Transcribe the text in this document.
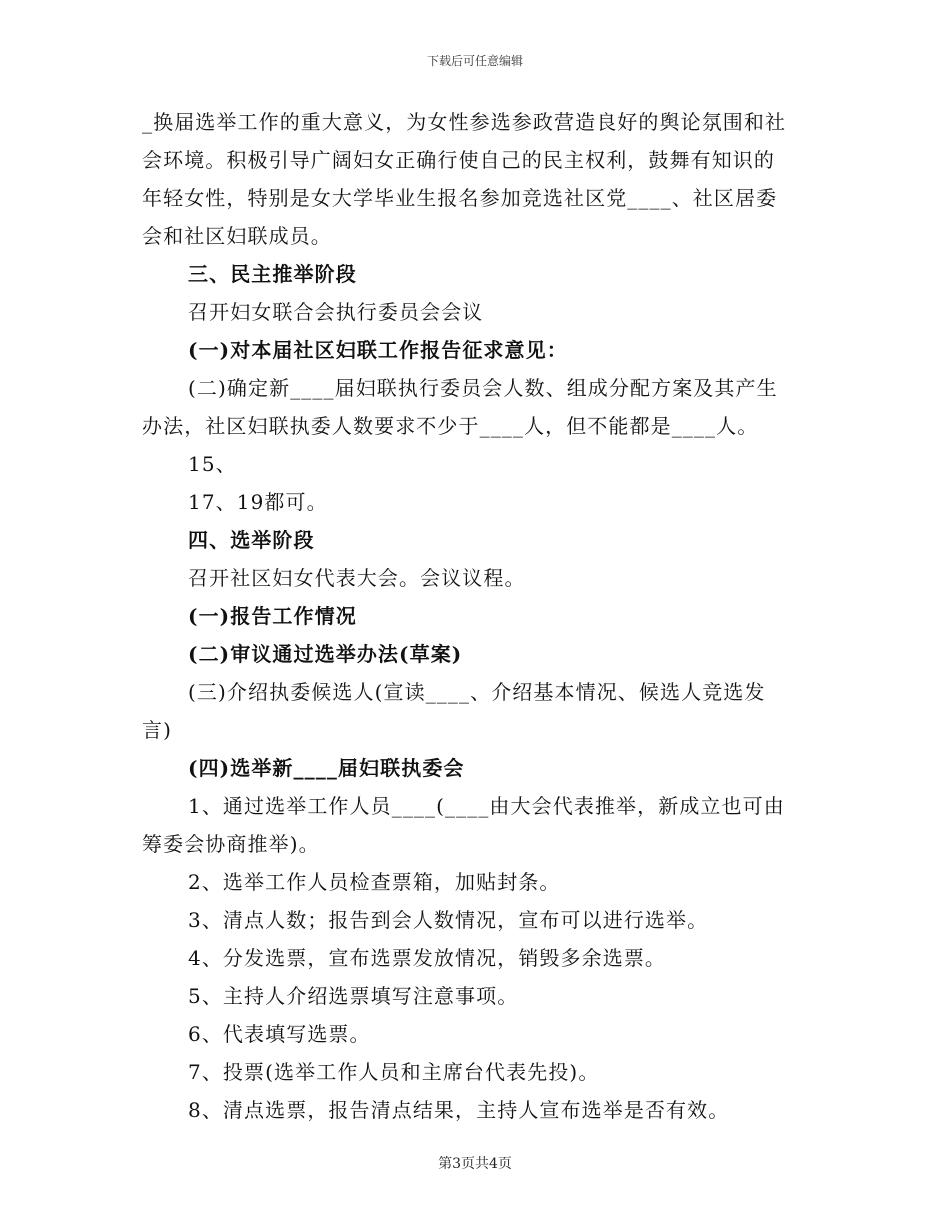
下载后可任意编辑
_换届选举工作的重大意义，为女性参选参政营造良好的舆论氛围和社
会环境。积极引导广阔妇女正确行使自己的民主权利，鼓舞有知识的
年轻女性，特别是女大学毕业生报名参加竞选社区党____、社区居委
会和社区妇联成员。
三、民主推举阶段
召开妇女联合会执行委员会会议
(一)对本届社区妇联工作报告征求意见：
(二)确定新____届妇联执行委员会人数、组成分配方案及其产生
办法，社区妇联执委人数要求不少于____人，但不能都是____人。
15、
17、19都可。
四、选举阶段
召开社区妇女代表大会。会议议程。
(一)报告工作情况
(二)审议通过选举办法(草案)
(三)介绍执委候选人(宣读____、介绍基本情况、候选人竞选发
言)
(四)选举新____届妇联执委会
1、通过选举工作人员____(____由大会代表推举，新成立也可由
筹委会协商推举)。
2、选举工作人员检查票箱，加贴封条。
3、清点人数；报告到会人数情况，宣布可以进行选举。
4、分发选票，宣布选票发放情况，销毁多余选票。
5、主持人介绍选票填写注意事项。
6、代表填写选票。
7、投票(选举工作人员和主席台代表先投)。
8、清点选票，报告清点结果，主持人宣布选举是否有效。
第3页共4页
